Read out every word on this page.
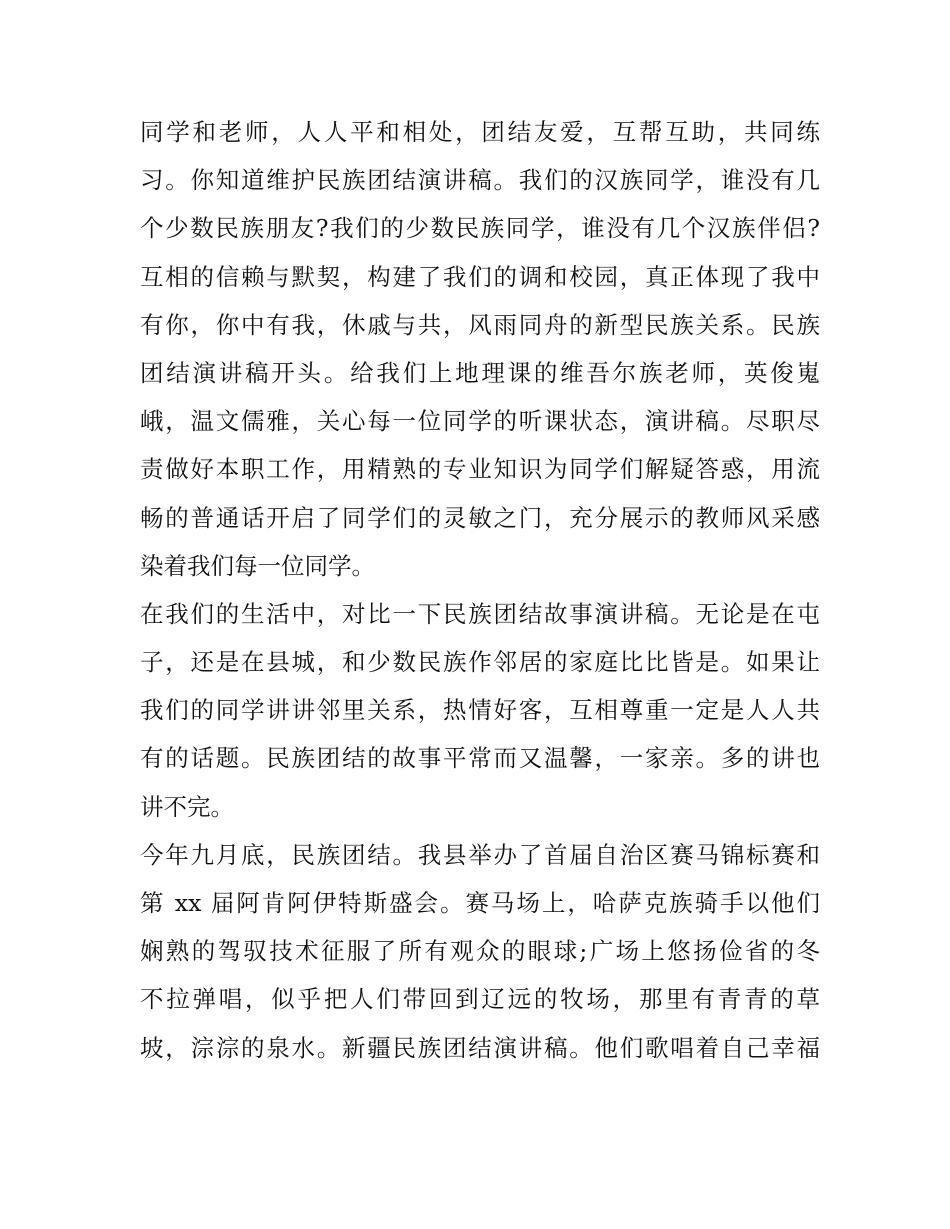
同学和老师，人人平和相处，团结友爱，互帮互助，共同练
习。你知道维护民族团结演讲稿。我们的汉族同学，谁没有几
个少数民族朋友?我们的少数民族同学，谁没有几个汉族伴侣?
互相的信赖与默契，构建了我们的调和校园，真正体现了我中
有你，你中有我，休戚与共，风雨同舟的新型民族关系。民族
团结演讲稿开头。给我们上地理课的维吾尔族老师，英俊嵬
峨，温文儒雅，关心每一位同学的听课状态，演讲稿。尽职尽
责做好本职工作，用精熟的专业知识为同学们解疑答惑，用流
畅的普通话开启了同学们的灵敏之门，充分展示的教师风采感
染着我们每一位同学。
在我们的生活中，对比一下民族团结故事演讲稿。无论是在屯
子，还是在县城，和少数民族作邻居的家庭比比皆是。如果让
我们的同学讲讲邻里关系，热情好客，互相尊重一定是人人共
有的话题。民族团结的故事平常而又温馨，一家亲。多的讲也
讲不完。
今年九月底，民族团结。我县举办了首届自治区赛马锦标赛和
第 xx 届阿肯阿伊特斯盛会。赛马场上，哈萨克族骑手以他们
娴熟的驾驭技术征服了所有观众的眼球;广场上悠扬俭省的冬
不拉弹唱，似乎把人们带回到辽远的牧场，那里有青青的草
坡，淙淙的泉水。新疆民族团结演讲稿。他们歌唱着自己幸福
